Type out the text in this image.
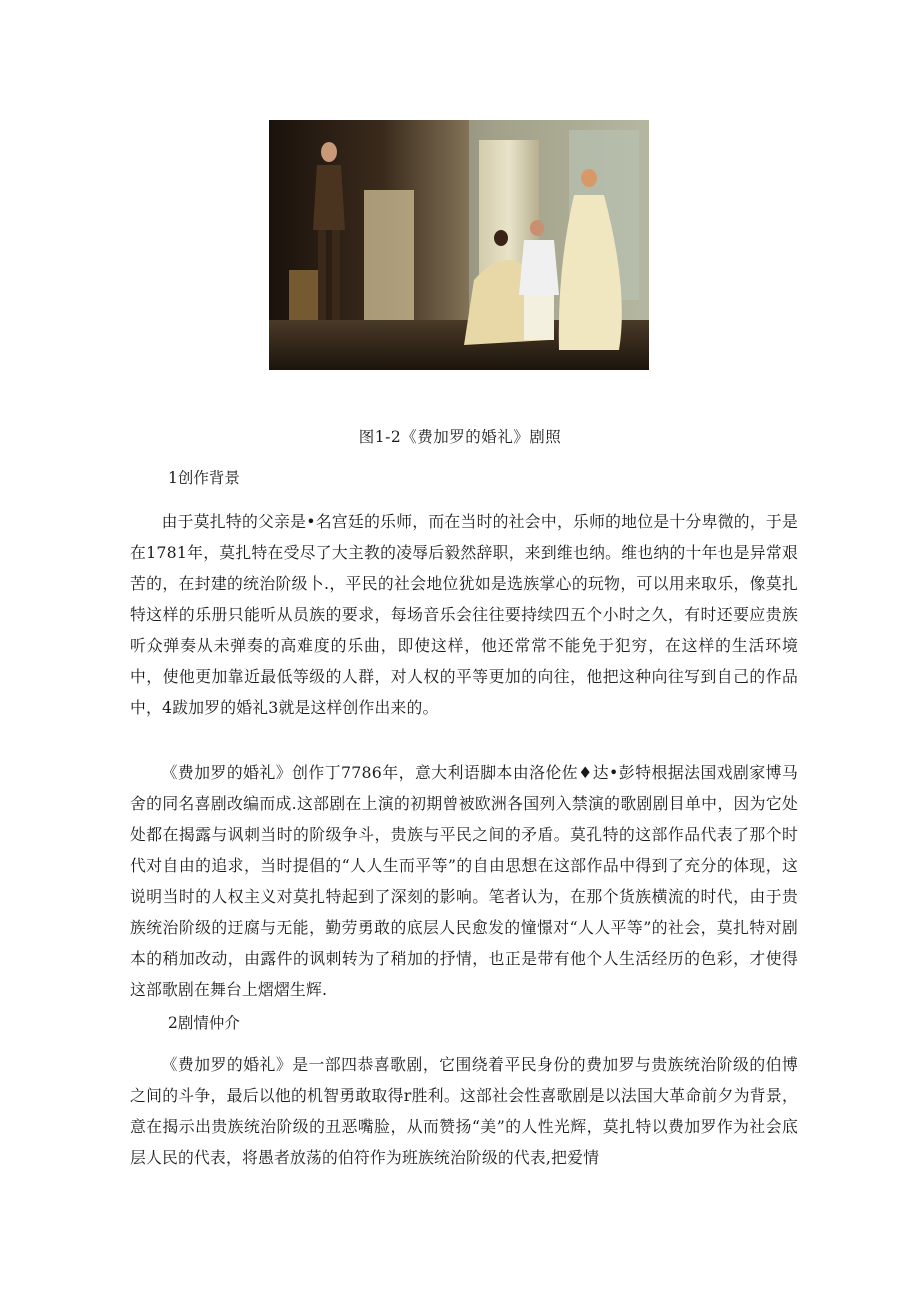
图1-2《费加罗的婚礼》剧照
1创作背景

由于莫扎特的父亲是•名宫廷的乐师，而在当时的社会中，乐师的地位是十分卑微的，于是在1781年，莫扎特在受尽了大主教的凌辱后毅然辞职，来到维也纳。维也纳的十年也是异常艰苦的，在封建的统治阶级卜.，平民的社会地位犹如是选族掌心的玩物，可以用来取乐，像莫扎特这样的乐册只能听从员族的要求，每场音乐会往往要持续四五个小时之久，有时还要应贵族听众弹奏从未弹奏的高难度的乐曲，即使这样，他还常常不能免于犯穷，在这样的生活环境中，使他更加靠近最低等级的人群，对人权的平等更加的向往，他把这种向往写到自己的作品中，4跋加罗的婚礼3就是这样创作出来的。

《费加罗的婚礼》创作丁7786年，意大利语脚本由洛伦佐♦达•彭特根据法国戏剧家博马舍的同名喜剧改编而成.这部剧在上演的初期曾被欧洲各国列入禁演的歌剧剧目单中，因为它处处都在揭露与讽刺当时的阶级争斗，贵族与平民之间的矛盾。莫孔特的这部作品代表了那个时代对自由的追求，当时提倡的“人人生而平等”的自由思想在这部作品中得到了充分的体现，这说明当时的人权主义对莫扎特起到了深刻的影响。笔者认为，在那个货族横流的时代，由于贵族统治阶级的迂腐与无能，勤劳勇敢的底层人民愈发的憧憬对“人人平等”的社会，莫扎特对剧本的稍加改动，由露件的讽刺转为了稍加的抒情，也正是带有他个人生活经历的色彩，才使得这部歌剧在舞台上熠熠生辉.

2剧情仲介

《费加罗的婚礼》是一部四恭喜歌剧，它围绕着平民身份的费加罗与贵族统治阶级的伯博之间的斗争，最后以他的机智勇敢取得r胜利。这部社会性喜歌剧是以法国大革命前夕为背景，意在揭示出贵族统治阶级的丑恶嘴脸，从而赞扬“美”的人性光辉，莫扎特以费加罗作为社会底层人民的代表，将愚者放荡的伯符作为班族统治阶级的代表,把爱情
